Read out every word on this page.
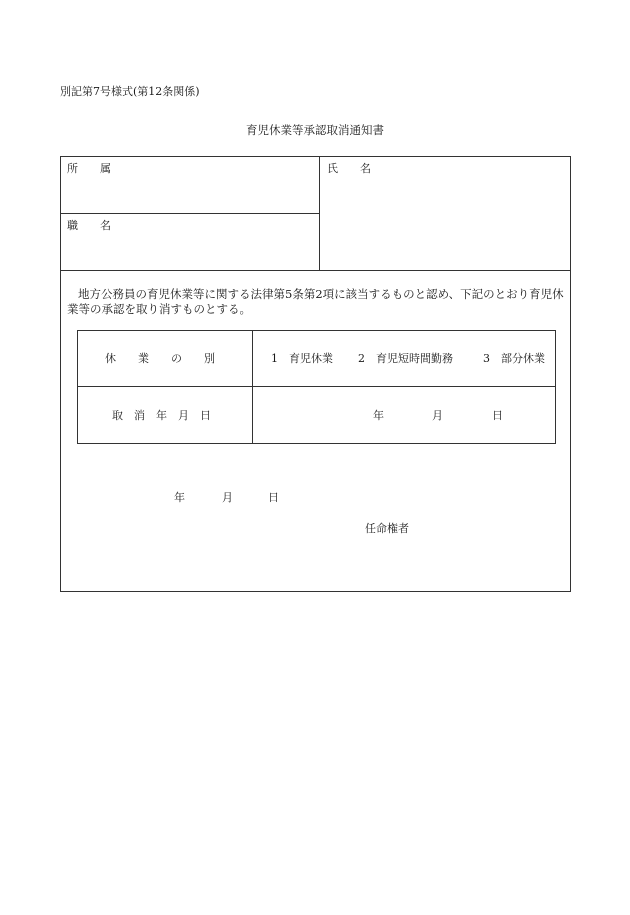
別記第7号様式(第12条関係)
育児休業等承認取消通知書
所　　属	氏　　名
職　　名
地方公務員の育児休業等に関する法律第5条第2項に該当するものと認め、下記のとおり育児休業等の承認を取り消すものとする。
休　　業　　の　　別	1　育児休業 2　育児短時間勤務	3　部分休業
取　消　年　月　日	年	月	日
年	月	日
任命権者
